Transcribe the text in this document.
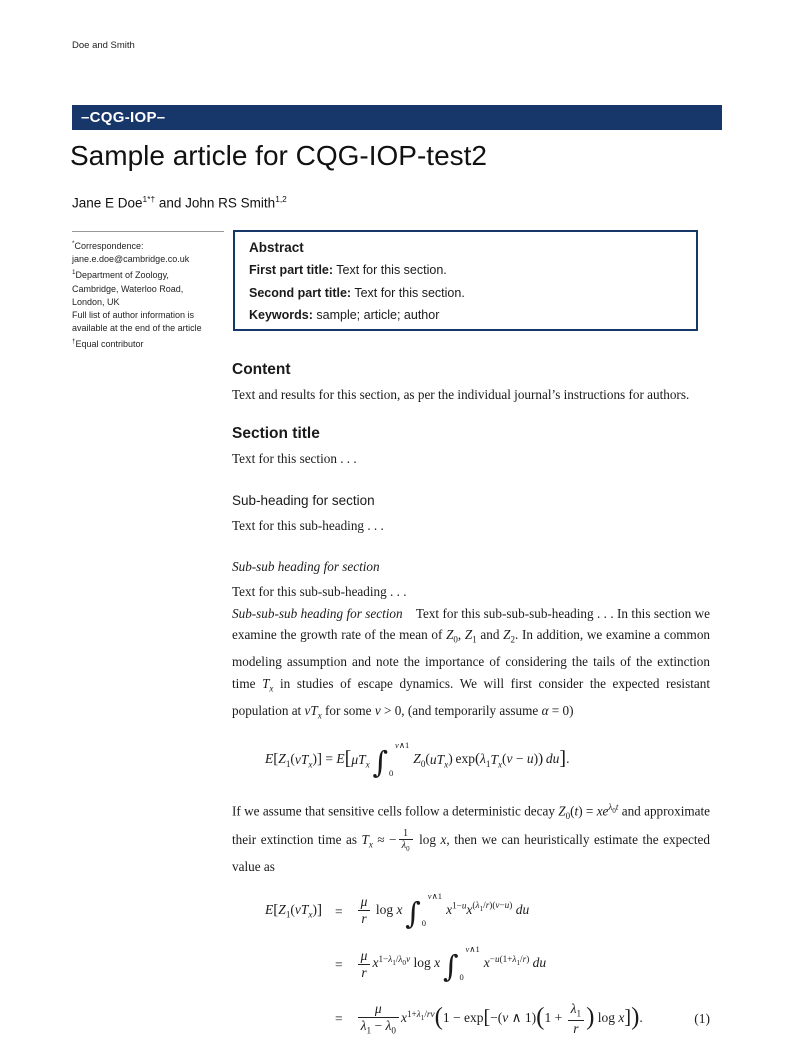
Doe and Smith
–CQG-IOP–
Sample article for CQG-IOP-test2
Jane E Doe$^{1*\dagger}$ and John RS Smith$^{1,2}$
*Correspondence:
jane.e.doe@cambridge.co.uk
$^1$Department of Zoology,
Cambridge, Waterloo Road,
London, UK
Full list of author information is
available at the end of the article
†Equal contributor
Abstract

First part title: Text for this section.

Second part title: Text for this section.

Keywords: sample; article; author

Content

Text and results for this section, as per the individual journal’s instructions for authors.

Section title

Text for this section . . .

Sub-heading for section

Text for this sub-heading . . .

Sub-sub heading for section

Text for this sub-sub-heading . . .

Sub-sub-sub heading for section Text for this sub-sub-sub-heading . . . In this section we examine the growth rate of the mean of $Z_0$, $Z_1$ and $Z_2$. In addition, we examine a common modeling assumption and note the importance of considering the tails of the extinction time $T_x$ in studies of escape dynamics. We will first consider the expected resistant population at $vT_x$ for some v > 0, (and temporarily assume α = 0)

$E[Z_1(vT_x)] = E[\mu T_x$ ∫
v∧1
0
$Z_0(uT_x) \exp(\lambda_1T_x(v - u))$  du].

If we assume that sensitive cells follow a deterministic decay $Z_0(t) = xe^{\lambda_0t}$ and approximate their extinction time as $T_x$ ≈ − $\frac{1}{\lambda_0}$ log x, then we can heuristically estimate the expected value as

$E[Z_1(vT_x)]$ =	$\frac{\mu}{r}$ log x ∫
v∧1
0
$x^{1-u}x^{(\lambda_1/r)(v-u)}$ du
=	$\frac{\mu}{r} x^{1-\lambda_1/\lambda_0v}$ log x ∫
v∧1
0
$x^{-u(1+\lambda_1/r)}$ du
=	$\frac{\mu}{\lambda_1 - \lambda_0} x^{1+\lambda_1/rv}(1 - \exp[-(v$ ∧ $1)(1 + \frac{\lambda_1}{r}$ ) log x]).	(1)
